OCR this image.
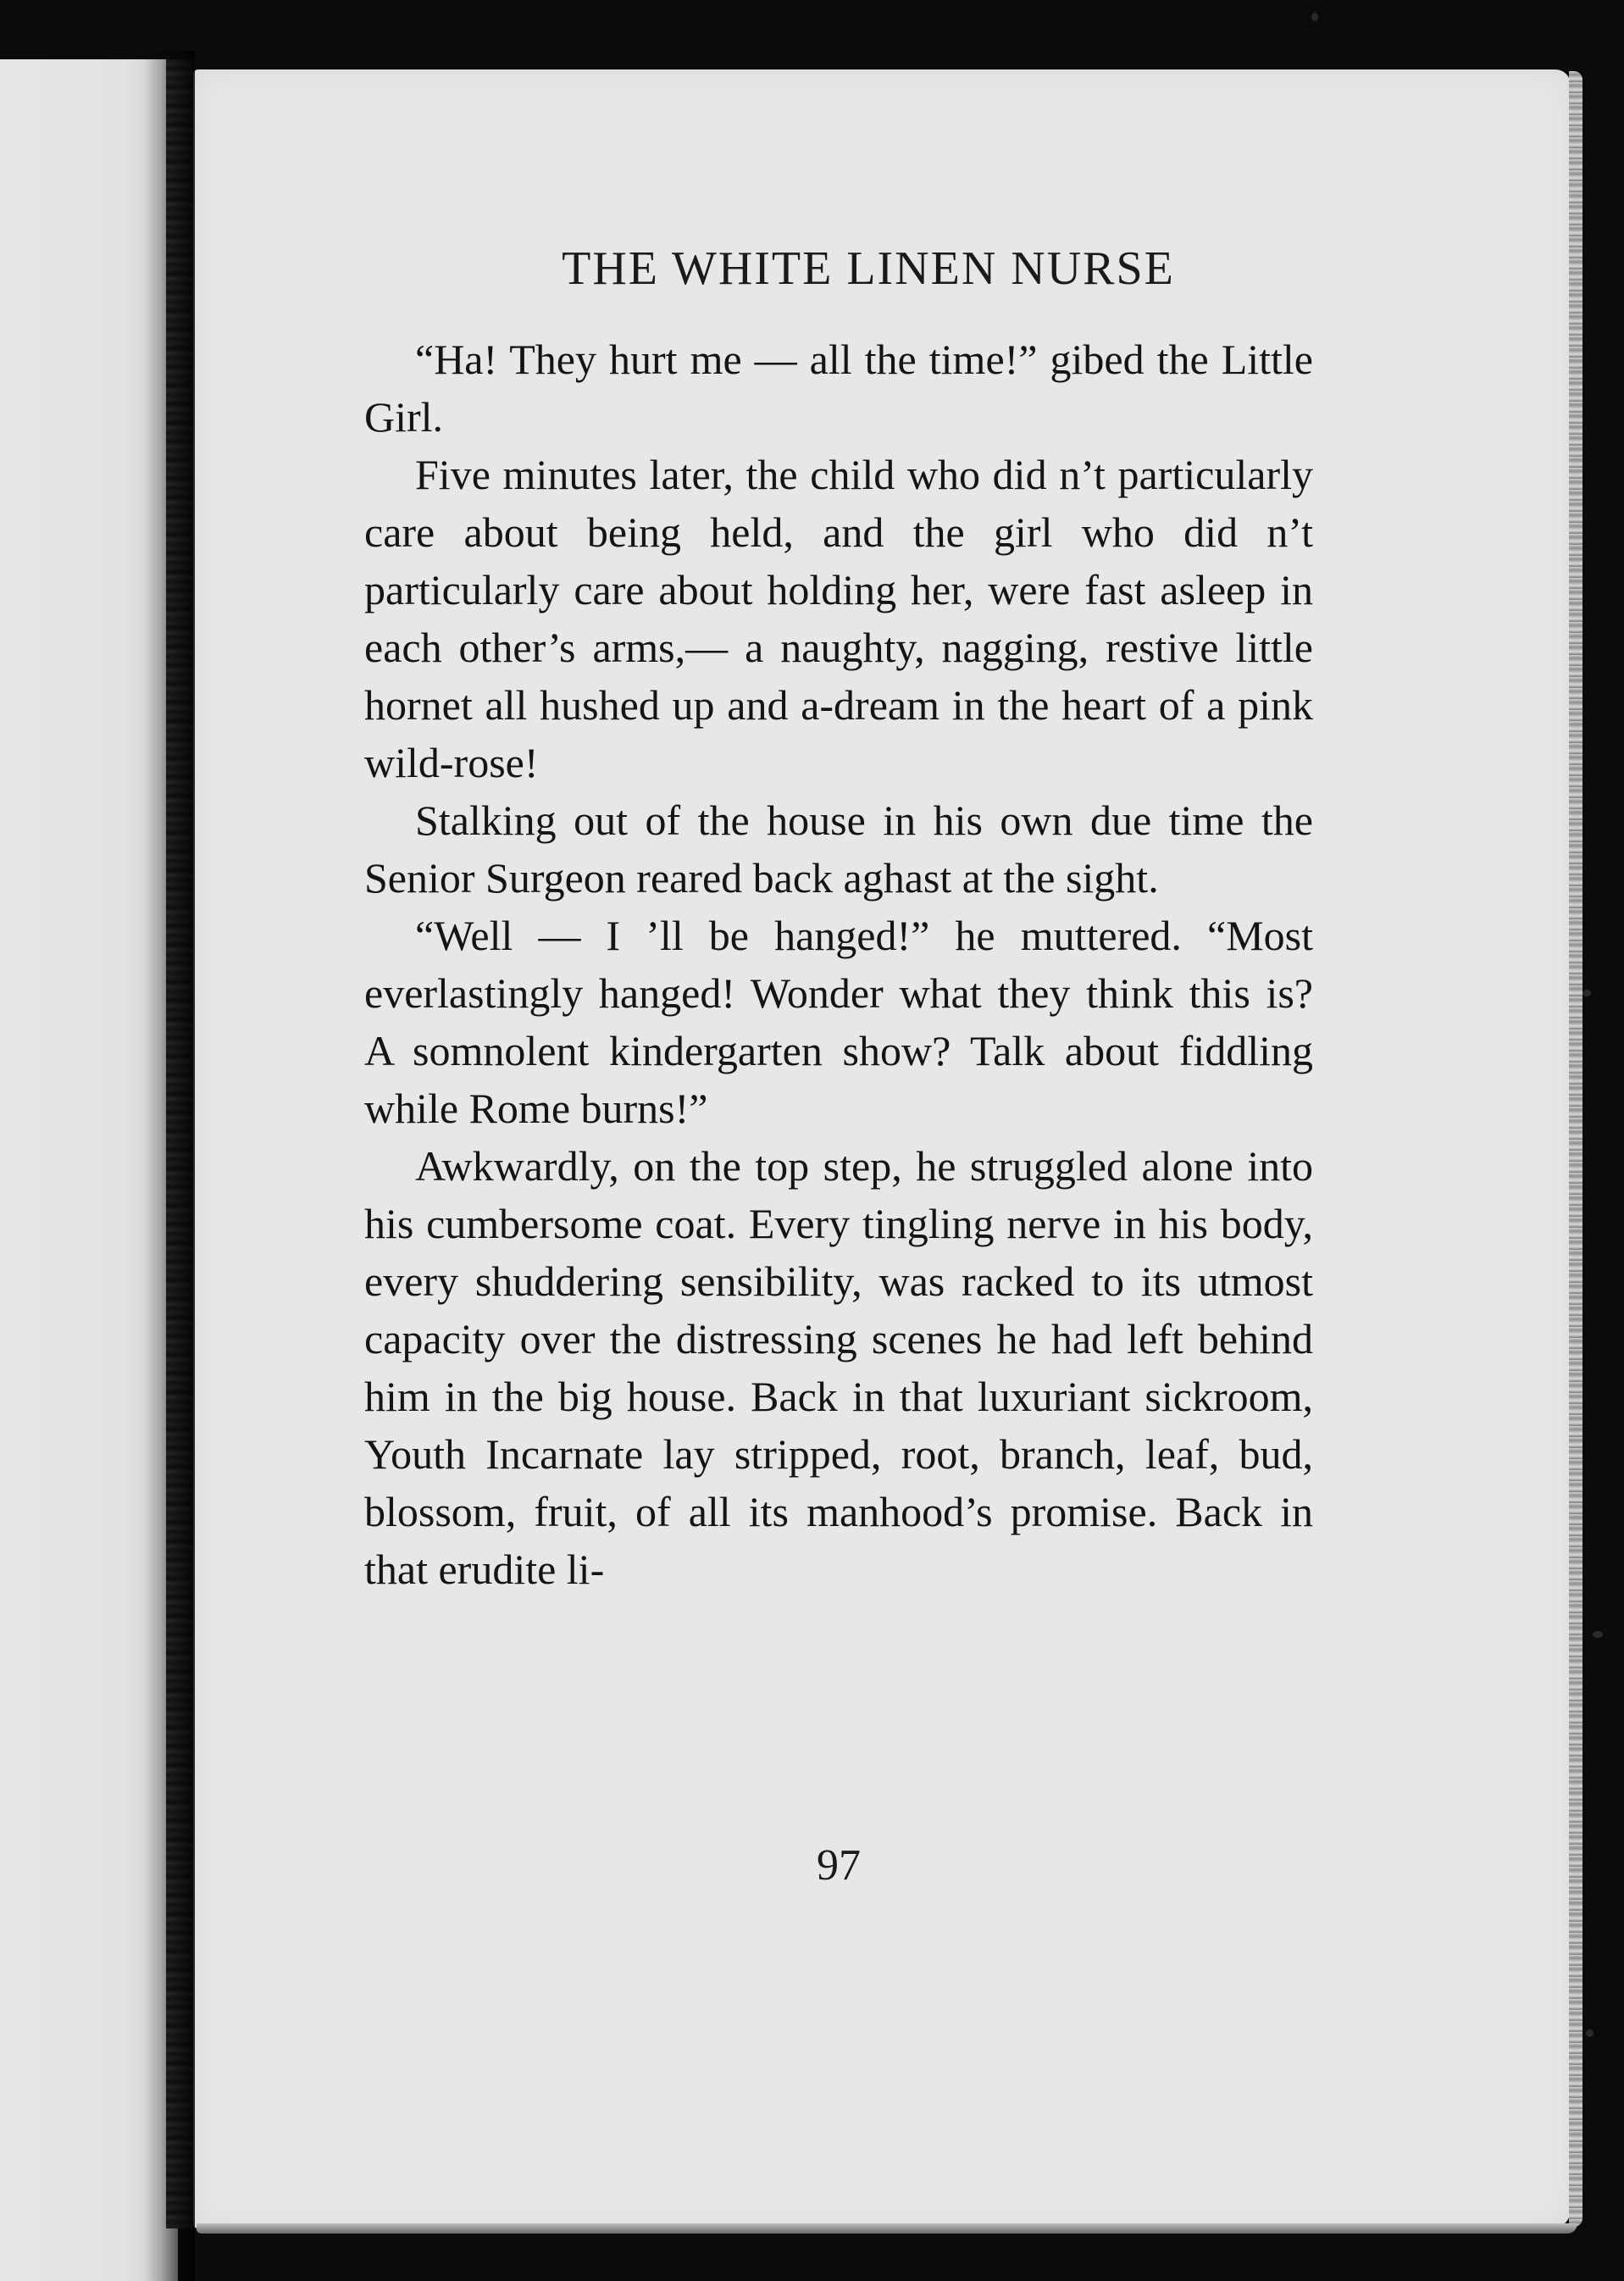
THE WHITE LINEN NURSE

“Ha! They hurt me — all the time!” gibed the Little Girl.

Five minutes later, the child who did n’t particularly care about being held, and the girl who did n’t particularly care about holding her, were fast asleep in each other’s arms,— a naughty, nagging, restive little hornet all hushed up and a-dream in the heart of a pink wild-rose!

Stalking out of the house in his own due time the Senior Surgeon reared back aghast at the sight.

“Well — I ’ll be hanged!” he muttered. “Most everlastingly hanged! Wonder what they think this is? A somnolent kindergarten show? Talk about fiddling while Rome burns!”

Awkwardly, on the top step, he struggled alone into his cumbersome coat. Every tingling nerve in his body, every shuddering sensibility, was racked to its utmost capacity over the distressing scenes he had left behind him in the big house. Back in that luxuriant sickroom, Youth Incarnate lay stripped, root, branch, leaf, bud, blossom, fruit, of all its manhood’s promise. Back in that erudite li-

97
